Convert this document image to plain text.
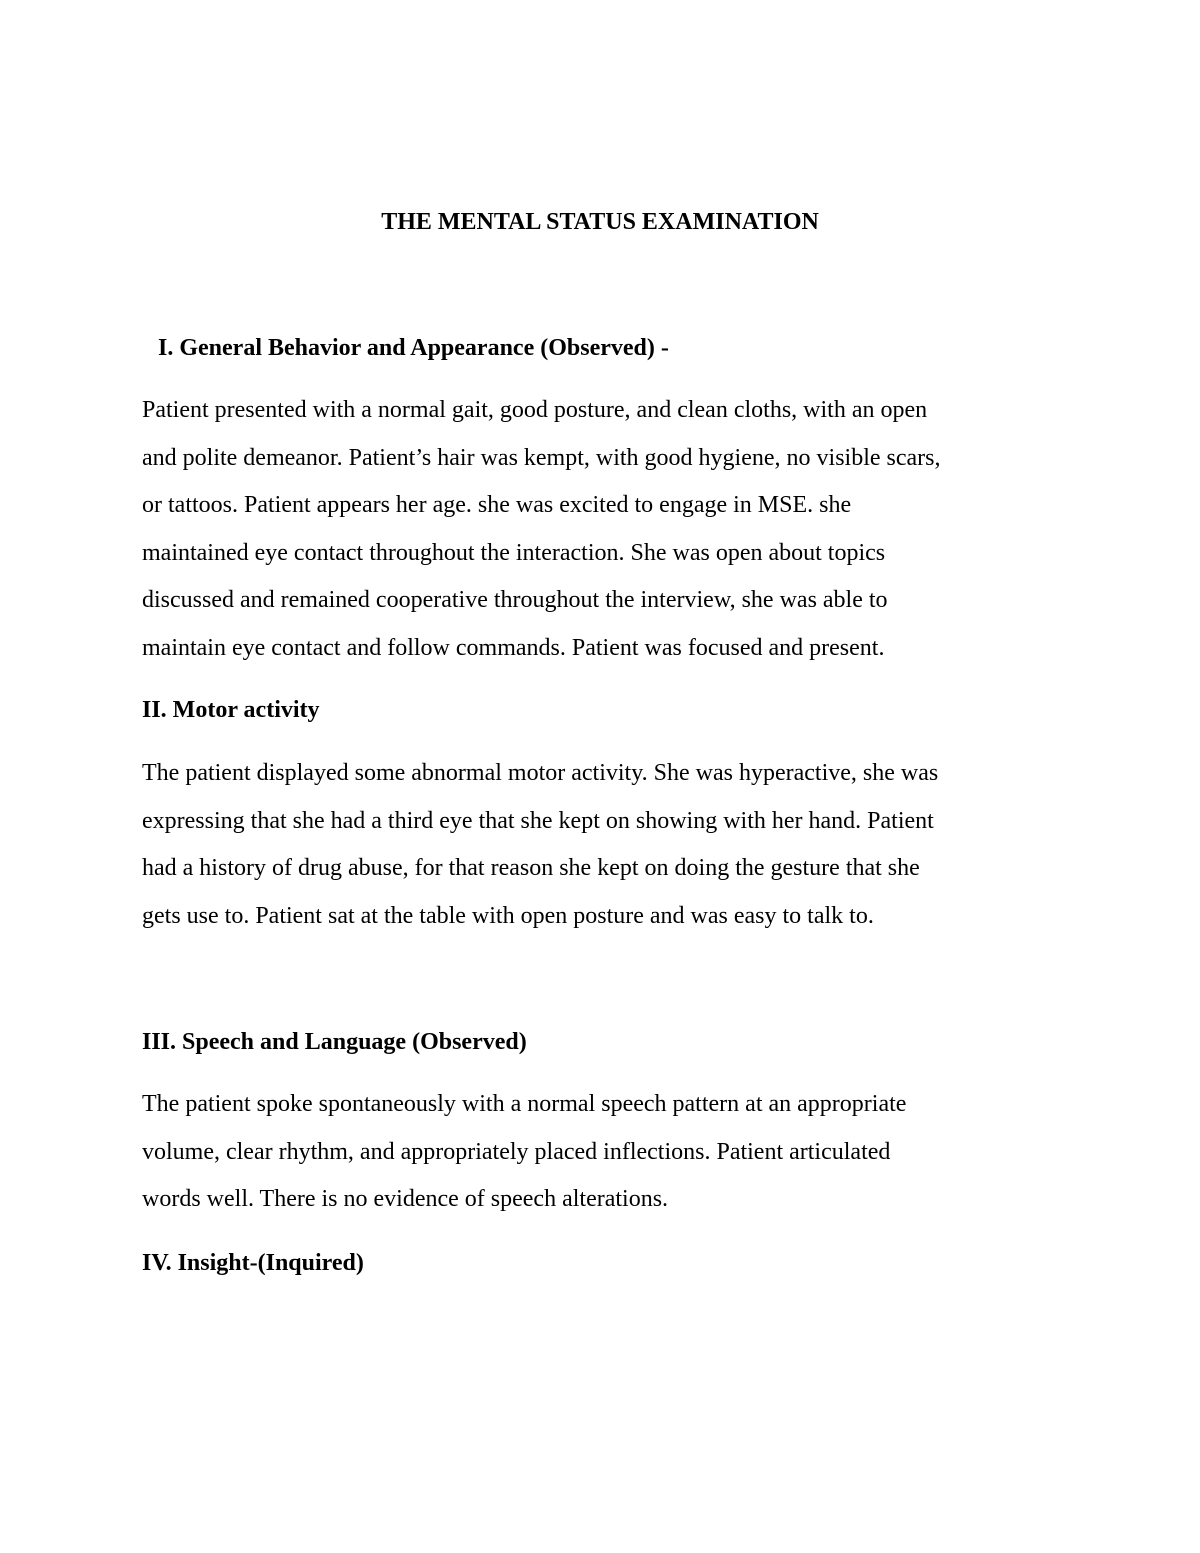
THE MENTAL STATUS EXAMINATION
I. General Behavior and Appearance (Observed) -
Patient presented with a normal gait, good posture, and clean cloths, with an open
and polite demeanor. Patient’s hair was kempt, with good hygiene, no visible scars,
or tattoos. Patient appears her age. she was excited to engage in MSE. she
maintained eye contact throughout the interaction. She was open about topics
discussed and remained cooperative throughout the interview, she was able to
maintain eye contact and follow commands. Patient was focused and present.
II. Motor activity
The patient displayed some abnormal motor activity. She was hyperactive, she was
expressing that she had a third eye that she kept on showing with her hand. Patient
had a history of drug abuse, for that reason she kept on doing the gesture that she
gets use to. Patient sat at the table with open posture and was easy to talk to.
III. Speech and Language (Observed)
The patient spoke spontaneously with a normal speech pattern at an appropriate
volume, clear rhythm, and appropriately placed inflections. Patient articulated
words well. There is no evidence of speech alterations.
IV. Insight-(Inquired)
